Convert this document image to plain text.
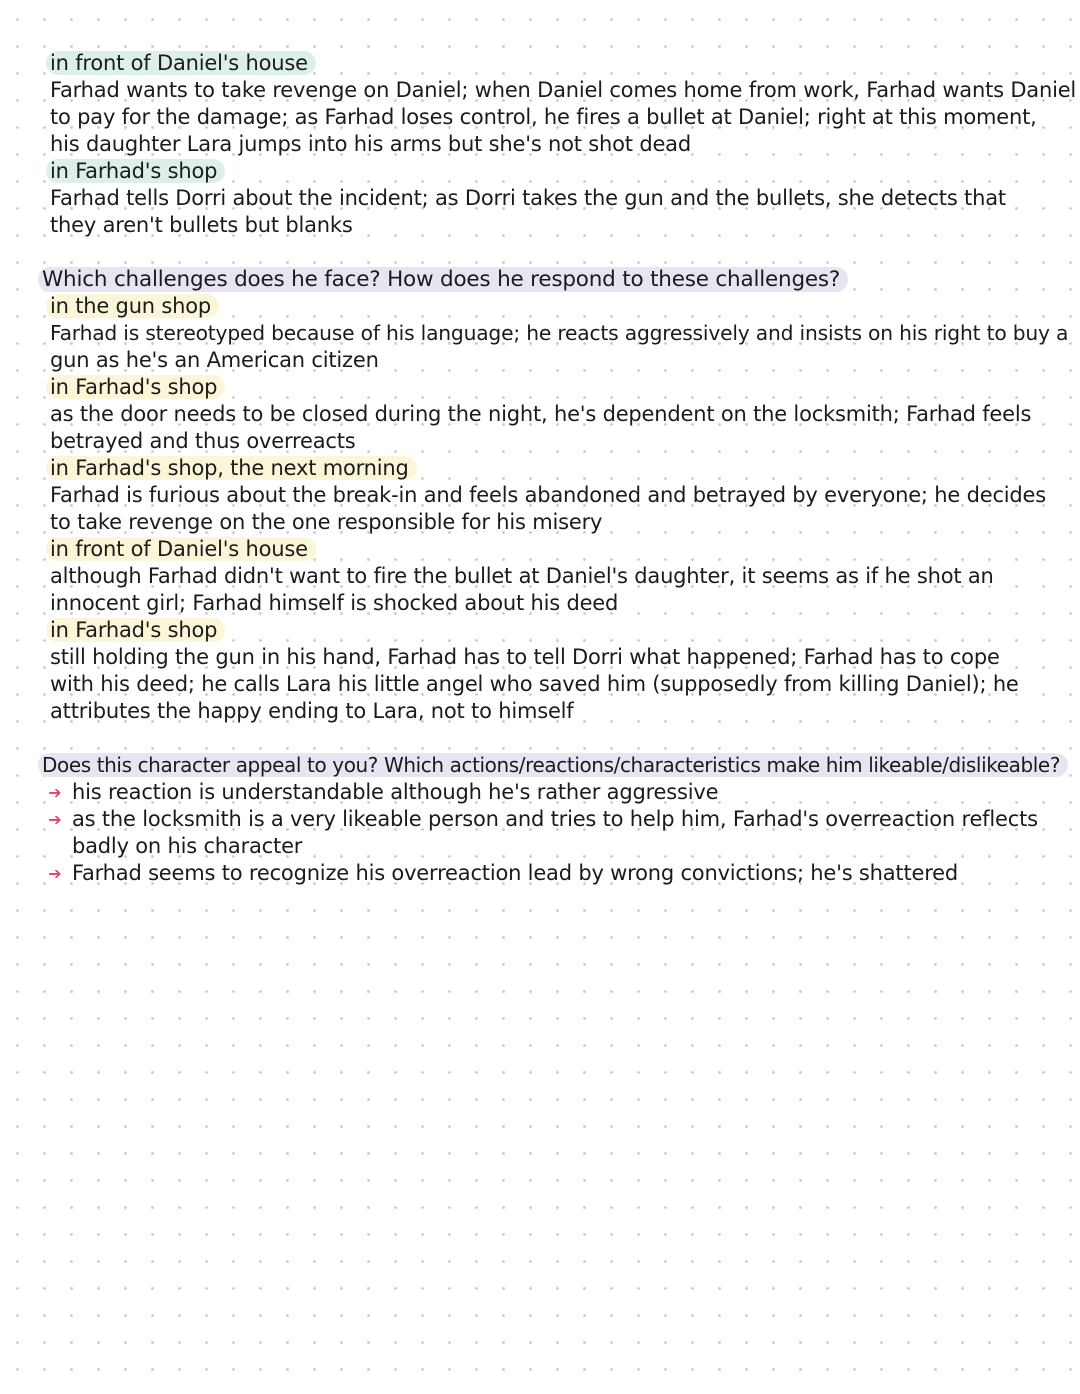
in front of Daniel's house
Farhad wants to take revenge on Daniel; when Daniel comes home from work, Farhad wants Daniel
to pay for the damage; as Farhad loses control, he fires a bullet at Daniel; right at this moment,
his daughter Lara jumps into his arms but she's not shot dead
in Farhad's shop
Farhad tells Dorri about the incident; as Dorri takes the gun and the bullets, she detects that
they aren't bullets but blanks
Which challenges does he face? How does he respond to these challenges?
in the gun shop
Farhad is stereotyped because of his language; he reacts aggressively and insists on his right to buy a
gun as he's an American citizen
in Farhad's shop
as the door needs to be closed during the night, he's dependent on the locksmith; Farhad feels
betrayed and thus overreacts
in Farhad's shop, the next morning
Farhad is furious about the break-in and feels abandoned and betrayed by everyone; he decides
to take revenge on the one responsible for his misery
in front of Daniel's house
although Farhad didn't want to fire the bullet at Daniel's daughter, it seems as if he shot an
innocent girl; Farhad himself is shocked about his deed
in Farhad's shop
still holding the gun in his hand, Farhad has to tell Dorri what happened; Farhad has to cope
with his deed; he calls Lara his little angel who saved him (supposedly from killing Daniel); he
attributes the happy ending to Lara, not to himself
Does this character appeal to you? Which actions/reactions/characteristics make him likeable/dislikeable?
➔ his reaction is understandable although he's rather aggressive
➔ as the locksmith is a very likeable person and tries to help him, Farhad's overreaction reflects
badly on his character
➔ Farhad seems to recognize his overreaction lead by wrong convictions; he's shattered
